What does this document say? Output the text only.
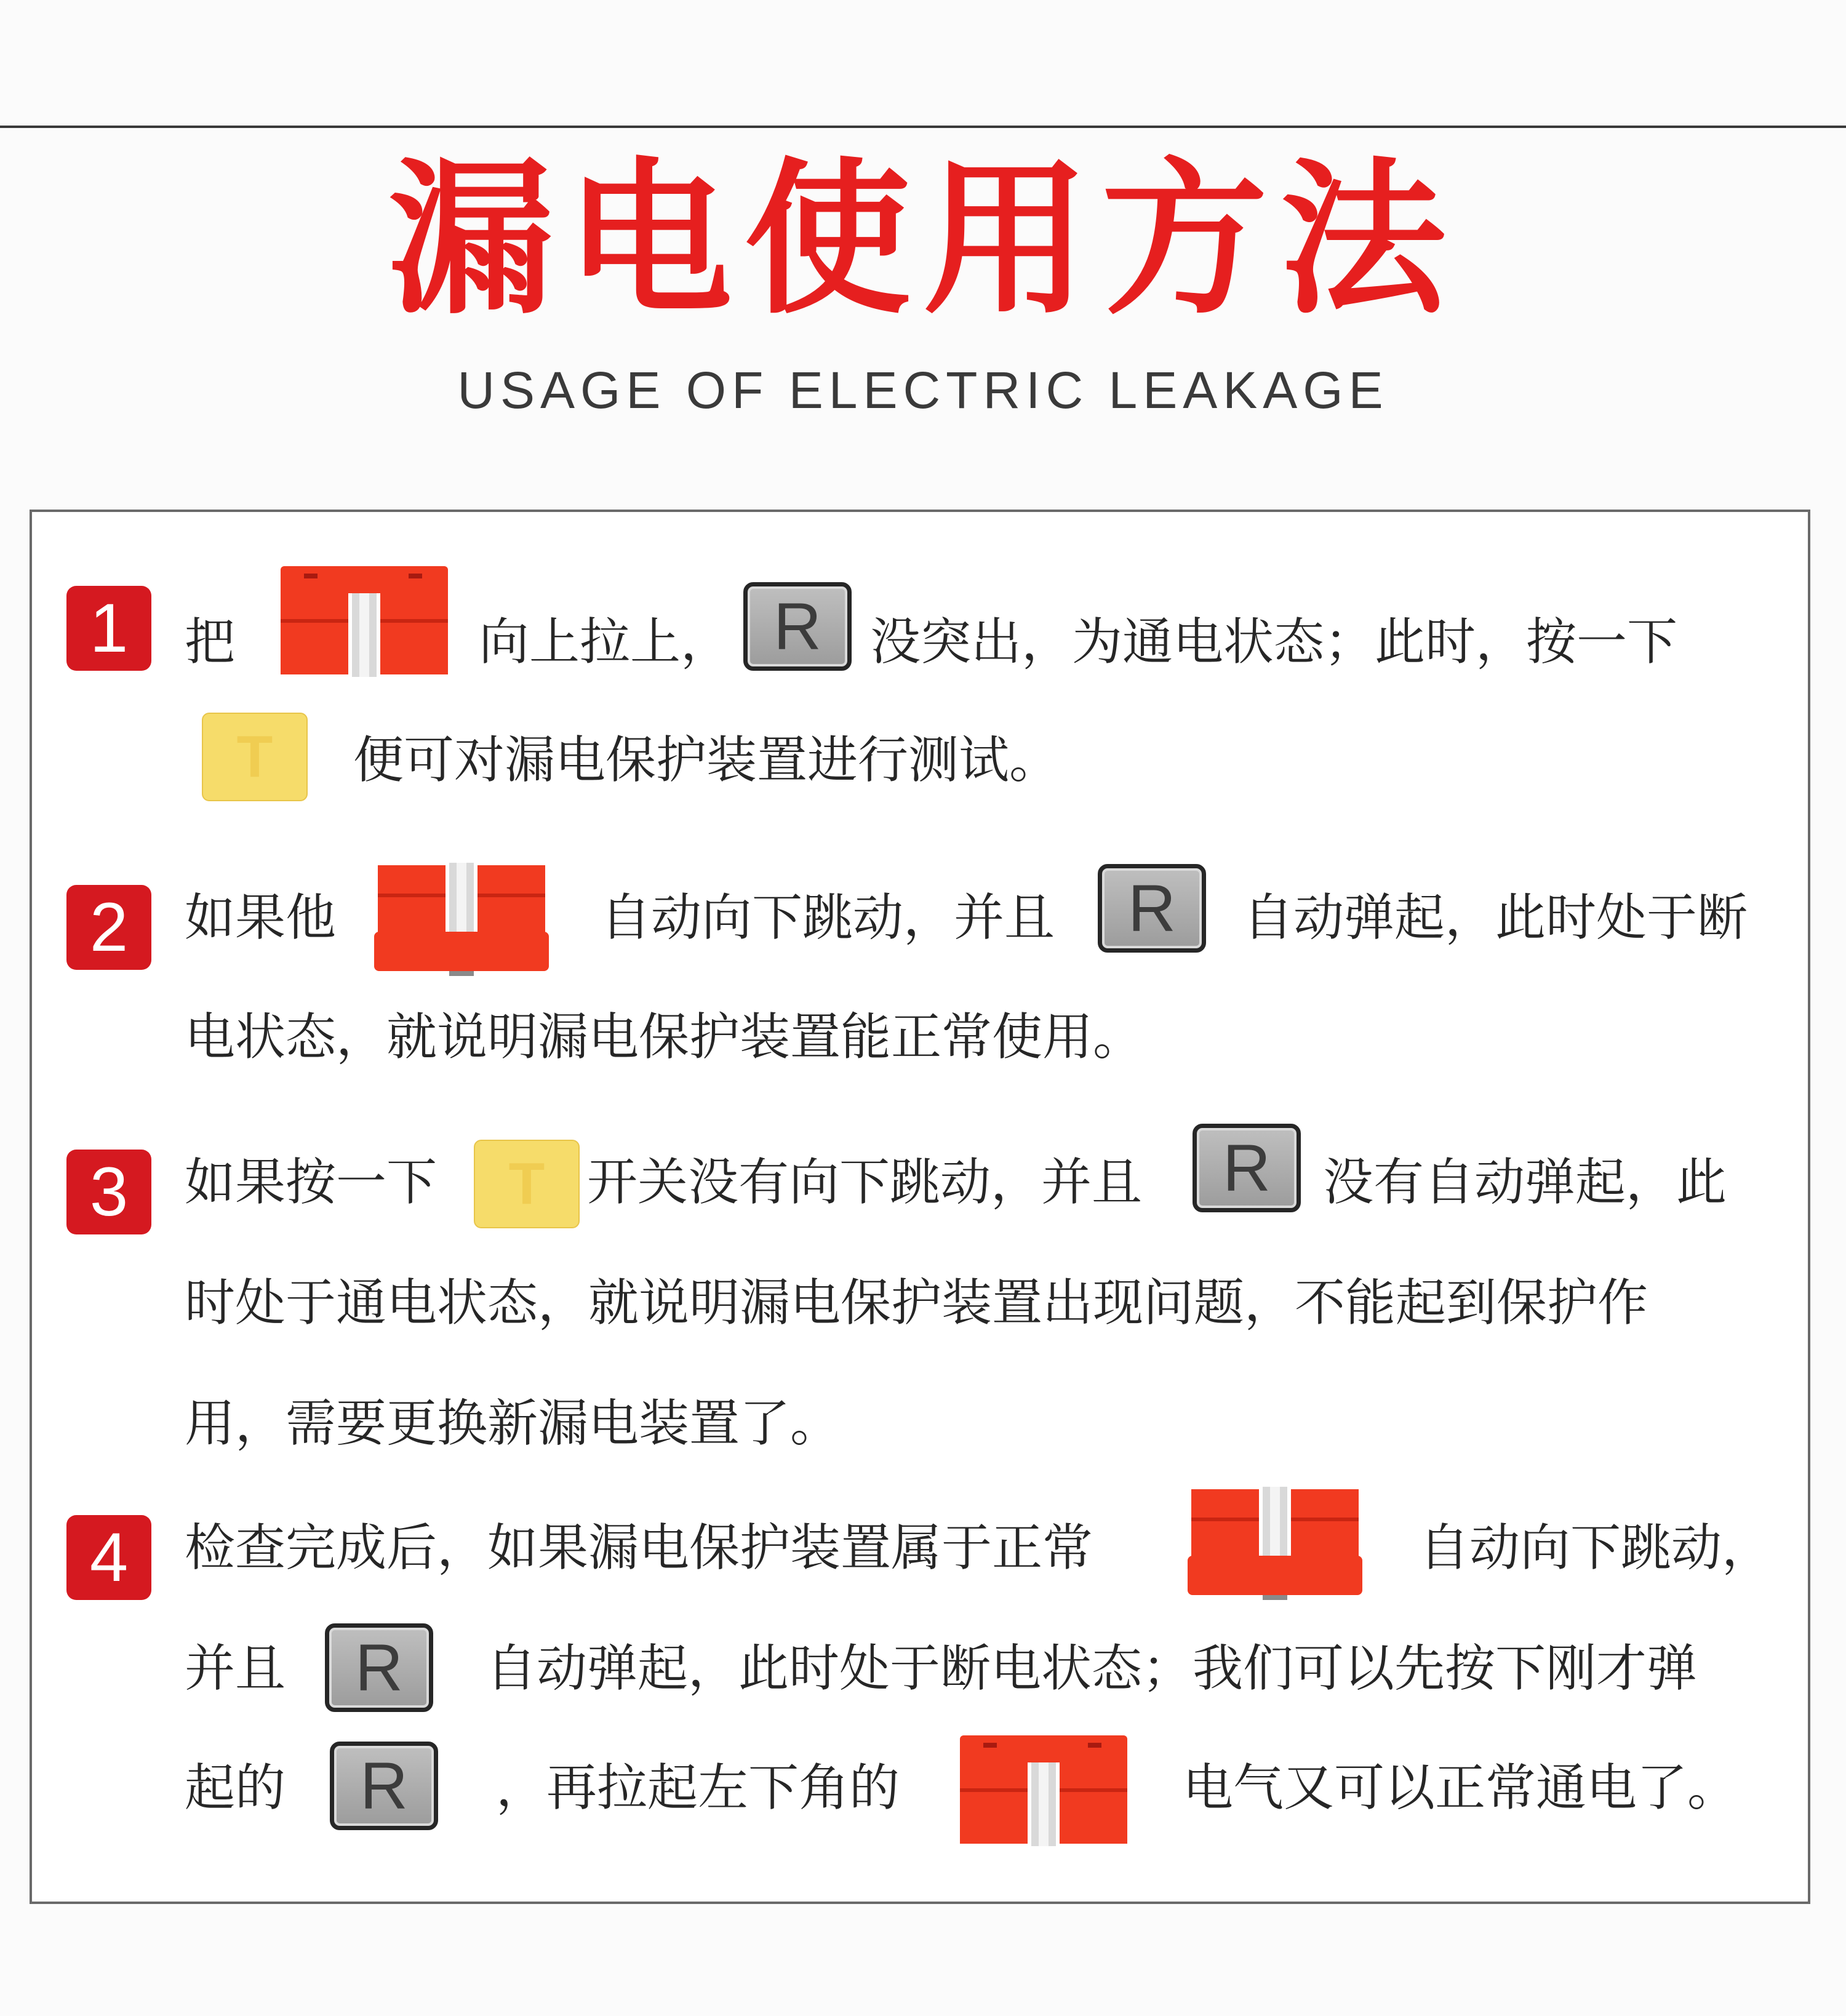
漏电使用方法
USAGE OF ELECTRIC LEAKAGE
1	把	向上拉上， R 没突出，为通电状态；此时，按一下
T	便可对漏电保护装置进行测试。
2	如果他	自动向下跳动，并且	R	自动弹起，此时处于断
电状态，就说明漏电保护装置能正常使用。
3	如果按一下	T 开关没有向下跳动，并且	R	没有自动弹起，此
时处于通电状态，就说明漏电保护装置出现问题，不能起到保护作
用，需要更换新漏电装置了。
4	检查完成后，如果漏电保护装置属于正常	自动向下跳动，
并且	R	自动弹起，此时处于断电状态；我们可以先按下刚才弹
起的	R	，再拉起左下角的	电气又可以正常通电了。
